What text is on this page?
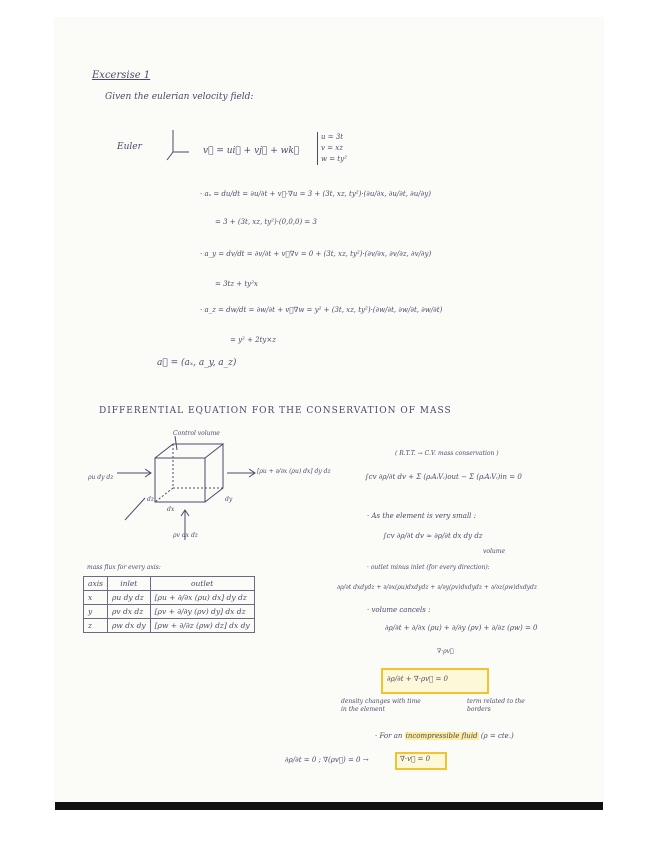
Excersise 1
Given the eulerian velocity field:
Euler	v⃗ = ui⃗ + vj⃗ + wk⃗
u = 3t
v = xz
w = ty²
· aₓ = du/dt = ∂u/∂t + v⃗·∇u = 3 + (3t, xz, ty²)·(∂u/∂x, ∂u/∂t, ∂u/∂y)
= 3 + (3t, xz, ty²)·(0,0,0) = 3
· a_y = dv/dt = ∂v/∂t + v⃗∇v = 0 + (3t, xz, ty²)·(∂v/∂x, ∂v/∂z, ∂v/∂y)
= 3tz + ty²x
· a_z = dw/dt = ∂w/∂t + v⃗∇w = y² + (3t, xz, ty²)·(∂w/∂t, ∂w/∂t, ∂w/∂t)
= y² + 2ty×z
a⃗ = (aₓ, a_y, a_z)
DIFFERENTIAL EQUATION FOR THE CONSERVATION OF MASS
Control volume
ρu dy dz
[ρu + ∂/∂x (ρu) dx] dy dz
ρv dx dz
dx
dy
dz
( R.T.T. → C.V. mass conservation )
∫cv ∂ρ/∂t dv + Σ (ρᵢAᵢVᵢ)out − Σ (ρᵢAᵢVᵢ)in = 0
· As the element is very small :
∫cv ∂ρ/∂t dv ≈ ∂ρ/∂t dx dy dz
volume
· outlet minus inlet (for every direction):
∂ρ/∂t dxdydz + ∂/∂x(ρu)dxdydz + ∂/∂y(ρv)dxdydz + ∂/∂z(ρw)dxdydz
· volume cancels :
∂ρ/∂t + ∂/∂x (ρu) + ∂/∂y (ρv) + ∂/∂z (ρw) = 0
∇·ρv⃗
∂ρ/∂t + ∇·ρv⃗ = 0
density changes with time in the element
term related to the borders
· For an incompressible fluid (ρ = cte.)
∂ρ/∂t = 0 ; ∇(ρv⃗) = 0 →	∇·v⃗ = 0
mass flux for every axis:
axis	inlet	outlet
x	ρu dy dz	[ρu + ∂/∂x (ρu) dx] dy dz
y	ρv dx dz	[ρv + ∂/∂y (ρv) dy] dx dz
z	ρw dx dy	[ρw + ∂/∂z (ρw) dz] dx dy
